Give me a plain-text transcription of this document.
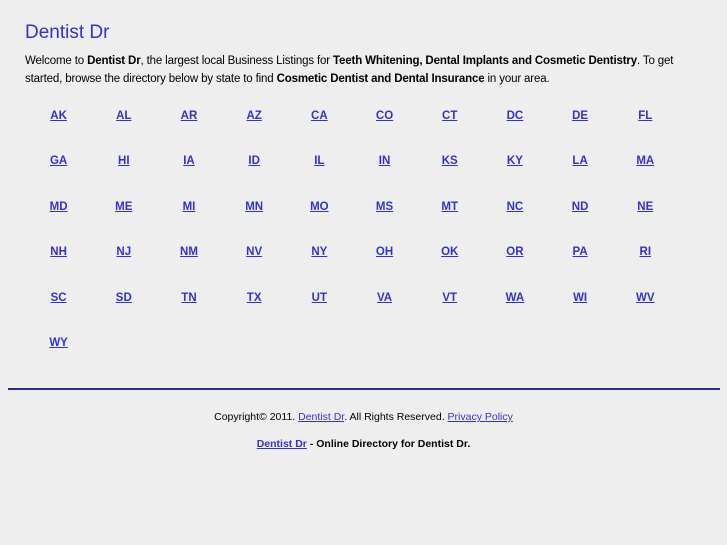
Dentist Dr

Welcome to Dentist Dr, the largest local Business Listings for Teeth Whitening, Dental Implants and Cosmetic Dentistry. To get started, browse the directory below by state to find Cosmetic Dentist and Dental Insurance in your area.

AK	AL	AR	AZ	CA	CO	CT	DC	DE	FL
GA	HI	IA	ID	IL	IN	KS	KY	LA	MA
MD	ME	MI	MN	MO	MS	MT	NC	ND	NE
NH	NJ	NM	NV	NY	OH	OK	OR	PA	RI
SC	SD	TN	TX	UT	VA	VT	WA	WI	WV
WY
Copyright© 2011. Dentist Dr. All Rights Reserved. Privacy Policy
Dentist Dr - Online Directory for Dentist Dr.
